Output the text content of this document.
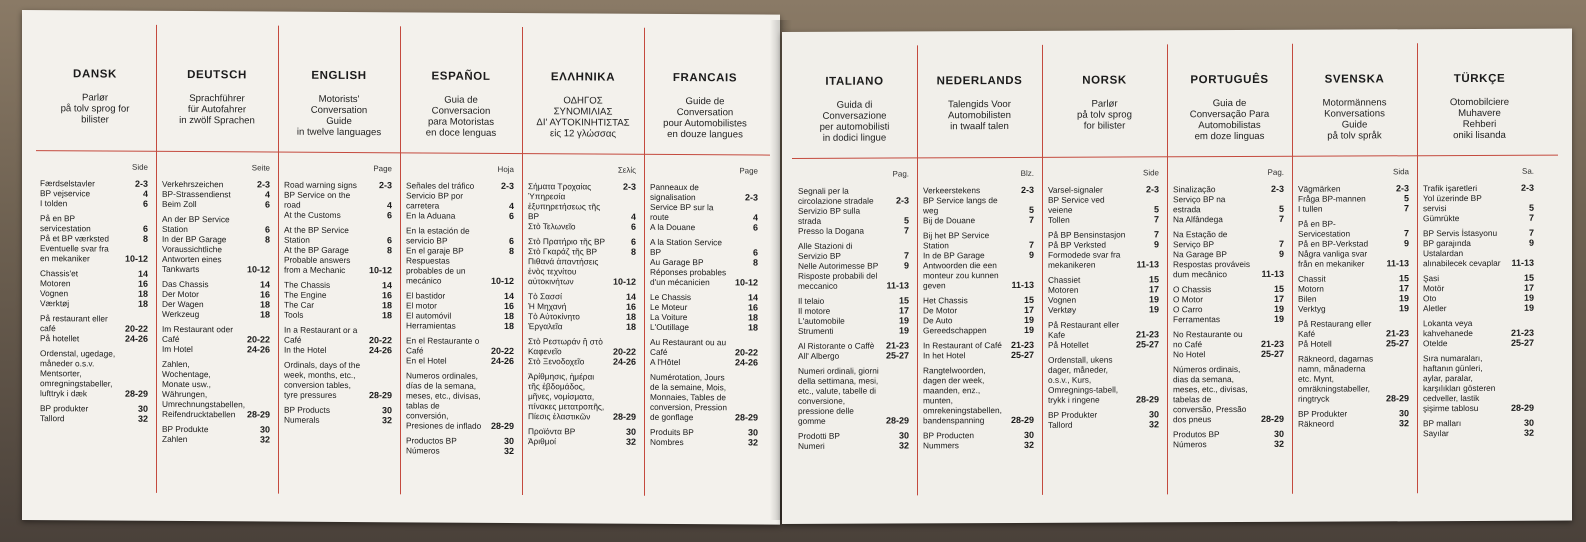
DANSK
Parlør
på tolv sprog for
bilister
Side
Færdselstavler	2-3
BP vejservice	4
I tolden	6
På en BP servicestation	6
På et BP værksted	8
Eventuelle svar fra en mekaniker	10-12
Chassis'et	14
Motoren	16
Vognen	18
Værktøj	18
På restaurant eller café	20-22
På hotellet	24-26
Ordenstal, ugedage, måneder o.s.v. Mentsorter, omregningstabeller, lufttryk i dæk	28-29
BP produkter	30
Tallord	32
DEUTSCH
Sprachführer
für Autofahrer
in zwölf Sprachen
Seite
Verkehrszeichen	2-3
BP-Strassendienst	4
Beim Zoll	6
An der BP Service Station	6
In der BP Garage	8
Voraussichtliche Antworten eines Tankwarts	10-12
Das Chassis	14
Der Motor	16
Der Wagen	18
Werkzeug	18
Im Restaurant oder Café	20-22
Im Hotel	24-26
Zahlen, Wochentage, Monate usw., Währungen, Umrechnungstabellen, Reifendrucktabellen 28-29
BP Produkte	30
Zahlen	32
ENGLISH
Motorists'
Conversation
Guide
in twelve languages
Page
Road warning signs 2-3
BP Service on the road	4
At the Customs	6
At the BP Service Station	6
At the BP Garage	8
Probable answers from a Mechanic	10-12
The Chassis	14
The Engine	16
The Car	18
Tools	18
In a Restaurant or a Café	20-22
In the Hotel	24-26
Ordinals, days of the week, months, etc., conversion tables, tyre pressures	28-29
BP Products	30
Numerals	32
ESPAÑOL
Guia de
Conversacion
para Motoristas
en doce lenguas
Hoja
Señales del tráfico	2-3
Servicio BP por carretera	4
En la Aduana	6
En la estación de servicio BP	6
En el garaje BP	8
Respuestas probables de un mecánico	10-12
El bastidor	14
El motor	16
El automóvil	18
Herramientas	18
En el Restaurante o Café	20-22
En el Hotel	24-26
Numeros ordinales, días de la semana, meses, etc., divisas, tablas de conversión, Presiones de inflado 28-29
Productos BP	30
Números	32
ΕΛΛΗΝΙΚΑ
ΟΔΗΓΟΣ
ΣΥΝΟΜΙΛΙΑΣ
ΔΙ' ΑΥΤΟΚΙΝΗΤΙΣΤΑΣ
εἰς 12 γλώσσας
Σελίς
Σήματα Τροχαίας	2-3
Ὑπηρεσία ἐξυπηρετήσεως τῆς BP	4
Στὸ Τελωνεῖο	6
Στὸ Πρατήριο τῆς BP	6
Στὸ Γκαράζ τῆς BP	8
Πιθανά ἀπαντήσεις ἑνὸς τεχνίτου αὐτοκινήτων	10-12
Τὸ Σασσί	14
Ἡ Μηχανή	16
Τὸ Αὐτοκίνητο	18
Ἐργαλεῖα	18
Στὸ Ρεστωράν ἢ στὸ Καφενεῖο	20-22
Στὸ Ξενοδοχεῖο	24-26
Ἀρίθμησις, ἡμέραι τῆς ἑβδομάδος, μῆνες, νομίσματα, πίνακες μετατροπῆς, Πίεσις ἐλαστικῶν	28-29
Προϊόντα BP	30
Ἀριθμοί	32
FRANCAIS
Guide de
Conversation
pour Automobilistes
en douze langues
Page
Panneaux de signalisation	2-3
Service BP sur la route	4
A la Douane	6
A la Station Service BP	6
Au Garage BP	8
Réponses probables d'un mécanicien	10-12
Le Chassis	14
Le Moteur	16
La Voiture	18
L'Outillage	18
Au Restaurant ou au Café	20-22
A l'Hôtel	24-26
Numérotation, Jours de la semaine, Mois, Monnaies, Tables de conversion, Pression de gonflage	28-29
Produits BP	30
Nombres	32
ITALIANO
Guida di
Conversazione
per automobilisti
in dodici lingue
Pag.
Segnali per la circolazione stradale 2-3
Servizio BP sulla strada	5
Presso la Dogana	7
Alle Stazioni di Servizio BP	7
Nelle Autorimesse BP	9
Risposte probabili del meccanico	11-13
Il telaio	15
Il motore	17
L'automobile	19
Strumenti	19
Al Ristorante o Caffè 21-23
All' Albergo	25-27
Numeri ordinali, giorni della settimana, mesi, etc., valute, tabelle di conversione, pressione delle gomme	28-29
Prodotti BP	30
Numeri	32
NEDERLANDS
Talengids Voor
Automobilisten
in twaalf talen
Blz.
Verkeerstekens	2-3
BP Service langs de weg	5
Bij de Douane	7
Bij het BP Service Station	7
In de BP Garage	9
Antwoorden die een monteur zou kunnen geven	11-13
Het Chassis	15
De Motor	17
De Auto	19
Gereedschappen	19
In Restaurant of Café 21-23
In het Hotel	25-27
Rangtelwoorden, dagen der week, maanden, enz., munten, omrekeningstabellen, bandenspanning	28-29
BP Producten	30
Nummers	32
NORSK
Parlør
på tolv sprog
for bilister
Side
Varsel-signaler	2-3
BP Service ved veiene	5
Tollen	7
På BP Bensinstasjon	7
På BP Verksted	9
Formodede svar fra mekanikeren	11-13
Chassiet	15
Motoren	17
Vognen	19
Verktøy	19
På Restaurant eller Kafe	21-23
På Hotellet	25-27
Ordenstall, ukens dager, måneder, o.s.v., Kurs, Omregnings-tabell, trykk i ringene	28-29
BP Produkter	30
Tallord	32
PORTUGUÊS
Guia de
Conversação Para
Automobilistas
em doze linguas
Pag.
Sinalização	2-3
Serviço BP na estrada	5
Na Alfândega	7
Na Estação de Serviço BP	7
Na Garage BP	9
Respostas prováveis dum mecânico	11-13
O Chassis	15
O Motor	17
O Carro	19
Ferramentas	19
No Restaurante ou no Café	21-23
No Hotel	25-27
Números ordinais, dias da semana, meses, etc., divisas, tabelas de conversão, Pressão dos pneus	28-29
Produtos BP	30
Números	32
SVENSKA
Motormännens
Konversations
Guide
på tolv språk
Sida
Vägmärken	2-3
Fråga BP-mannen	5
I tullen	7
På en BP-Servicestation	7
På en BP-Verkstad	9
Några vanliga svar från en mekaniker 11-13
Chassit	15
Motorn	17
Bilen	19
Verktyg	19
På Restaurang eller Kafé	21-23
På Hotell	25-27
Räkneord, dagarnas namn, månaderna etc. Mynt, omräkningstabeller, ringtryck	28-29
BP Produkter	30
Räkneord	32
TÜRKÇE
Otomobilciere
Muhavere
Rehberi
oniki lisanda
Sa.
Trafik işaretleri	2-3
Yol üzerinde BP servisi	5
Gümrükte	7
BP Servis İstasyonu	7
BP garajında	9
Ustalardan alınabilecek cevaplar 11-13
Şasi	15
Motör	17
Oto	19
Aletler	19
Lokanta veya kahvehanede	21-23
Otelde	25-27
Sıra numaraları, haftanın günleri, aylar, paralar, karşılıkları gösteren cedveller, lastik şişirme tablosu	28-29
BP malları	30
Sayılar	32
